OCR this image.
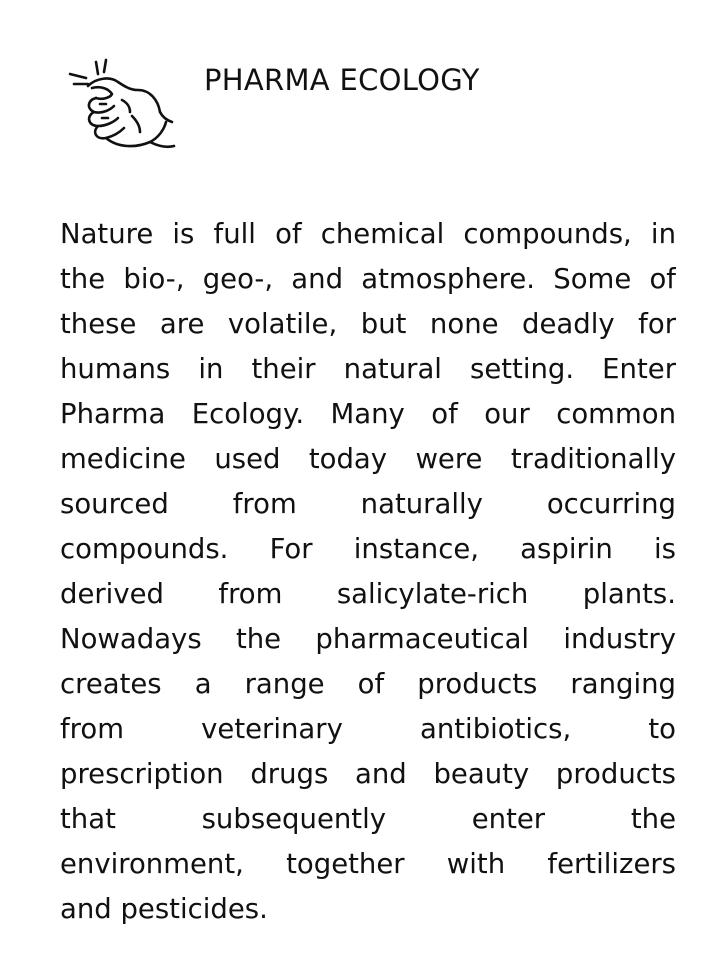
PHARMA ECOLOGY
Nature is full of chemical compounds, in
the bio-, geo-, and atmosphere. Some of
these are volatile, but none deadly for
humans in their natural setting. Enter
Pharma Ecology. Many of our common
medicine used today were traditionally
sourced from naturally occurring
compounds. For instance, aspirin is
derived from salicylate-rich plants.
Nowadays the pharmaceutical industry
creates a range of products ranging
from veterinary antibiotics, to
prescription drugs and beauty products
that subsequently enter the
environment, together with fertilizers
and pesticides.
